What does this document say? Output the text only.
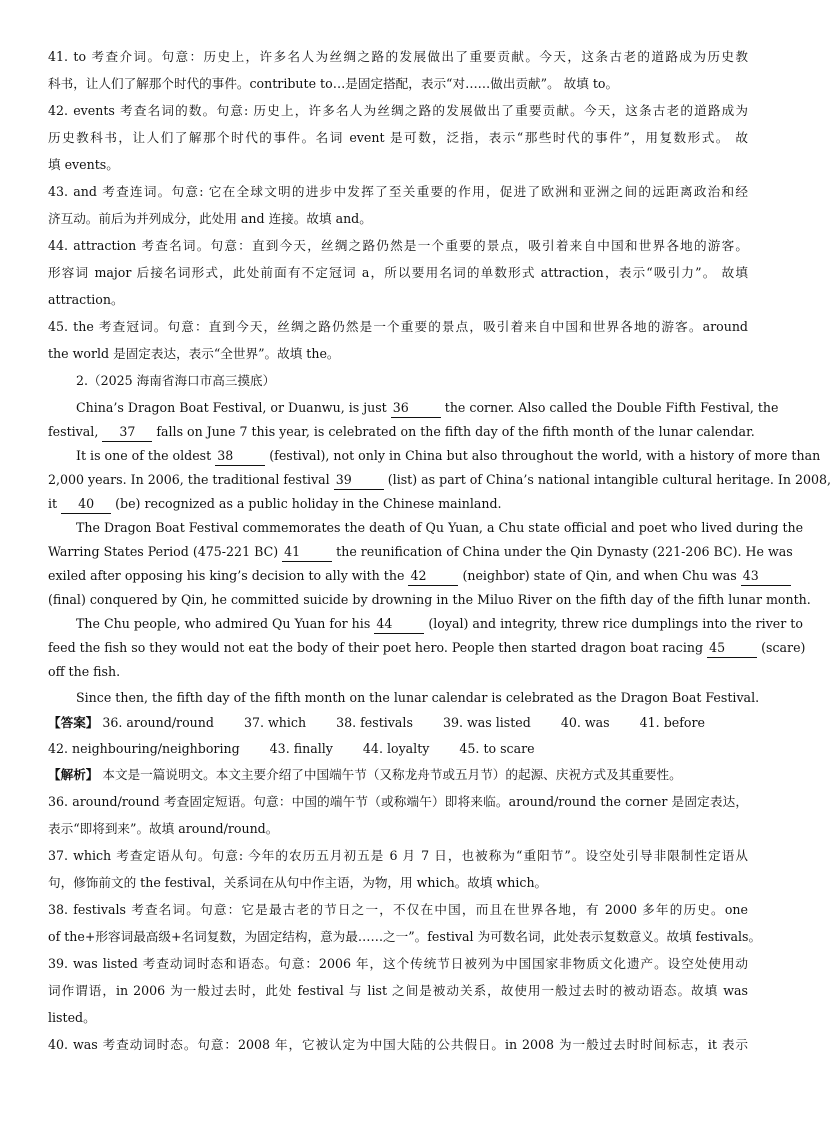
41. to 考查介词。句意：历史上，许多名人为丝绸之路的发展做出了重要贡献。今天，这条古老的道路成为历史教
科书，让人们了解那个时代的事件。contribute to…是固定搭配，表示“对……做出贡献”。 故填 to。
42. events 考查名词的数。句意: 历史上，许多名人为丝绸之路的发展做出了重要贡献。今天，这条古老的道路成为
历史教科书，让人们了解那个时代的事件。名词 event 是可数，泛指，表示“那些时代的事件”，用复数形式。 故
填 events。
43. and 考查连词。句意: 它在全球文明的进步中发挥了至关重要的作用，促进了欧洲和亚洲之间的远距离政治和经
济互动。前后为并列成分，此处用 and 连接。故填 and。
44. attraction 考查名词。句意：直到今天，丝绸之路仍然是一个重要的景点，吸引着来自中国和世界各地的游客。
形容词 major 后接名词形式，此处前面有不定冠词 a，所以要用名词的单数形式 attraction，表示“吸引力”。 故填
attraction。
45. the 考查冠词。句意：直到今天，丝绸之路仍然是一个重要的景点，吸引着来自中国和世界各地的游客。around
the world 是固定表达，表示“全世界”。故填 the。
2.（2025 海南省海口市高三摸底）
China’s Dragon Boat Festival, or Duanwu, is just 36	the corner. Also called the Double Fifth Festival, the
festival, 37 falls on June 7 this year, is celebrated on the fifth day of the fifth month of the lunar calendar.
It is one of the oldest 38	(festival), not only in China but also throughout the world, with a history of more than
2,000 years. In 2006, the traditional festival 39	(list) as part of China’s national intangible cultural heritage. In 2008,
it 40 (be) recognized as a public holiday in the Chinese mainland.
The Dragon Boat Festival commemorates the death of Qu Yuan, a Chu state official and poet who lived during the
Warring States Period (475-221 BC) 41	the reunification of China under the Qin Dynasty (221-206 BC). He was
exiled after opposing his king’s decision to ally with the 42	(neighbor) state of Qin, and when Chu was 43
(final) conquered by Qin, he committed suicide by drowning in the Miluo River on the fifth day of the fifth lunar month.
The Chu people, who admired Qu Yuan for his 44	(loyal) and integrity, threw rice dumplings into the river to
feed the fish so they would not eat the body of their poet hero. People then started dragon boat racing 45	(scare)
off the fish.
Since then, the fifth day of the fifth month on the lunar calendar is celebrated as the Dragon Boat Festival.
【答案】 36. around/round 37. which 38. festivals 39. was listed 40. was 41. before
42. neighbouring/neighboring 43. finally 44. loyalty 45. to scare
【解析】 本文是一篇说明文。本文主要介绍了中国端午节（又称龙舟节或五月节）的起源、庆祝方式及其重要性。
36. around/round 考查固定短语。句意：中国的端午节（或称端午）即将来临。around/round the corner 是固定表达，
表示“即将到来”。故填 around/round。
37. which 考查定语从句。句意: 今年的农历五月初五是 6 月 7 日，也被称为“重阳节”。设空处引导非限制性定语从
句，修饰前文的 the festival，关系词在从句中作主语，为物，用 which。故填 which。
38. festivals 考查名词。句意：它是最古老的节日之一，不仅在中国，而且在世界各地，有 2000 多年的历史。one
of the+形容词最高级+名词复数，为固定结构，意为最……之一”。festival 为可数名词，此处表示复数意义。故填 festivals。
39. was listed 考查动词时态和语态。句意：2006 年，这个传统节日被列为中国国家非物质文化遗产。设空处使用动
词作谓语，in 2006 为一般过去时，此处 festival 与 list 之间是被动关系，故使用一般过去时的被动语态。故填 was
listed。
40. was 考查动词时态。句意：2008 年，它被认定为中国大陆的公共假日。in 2008 为一般过去时时间标志，it 表示
